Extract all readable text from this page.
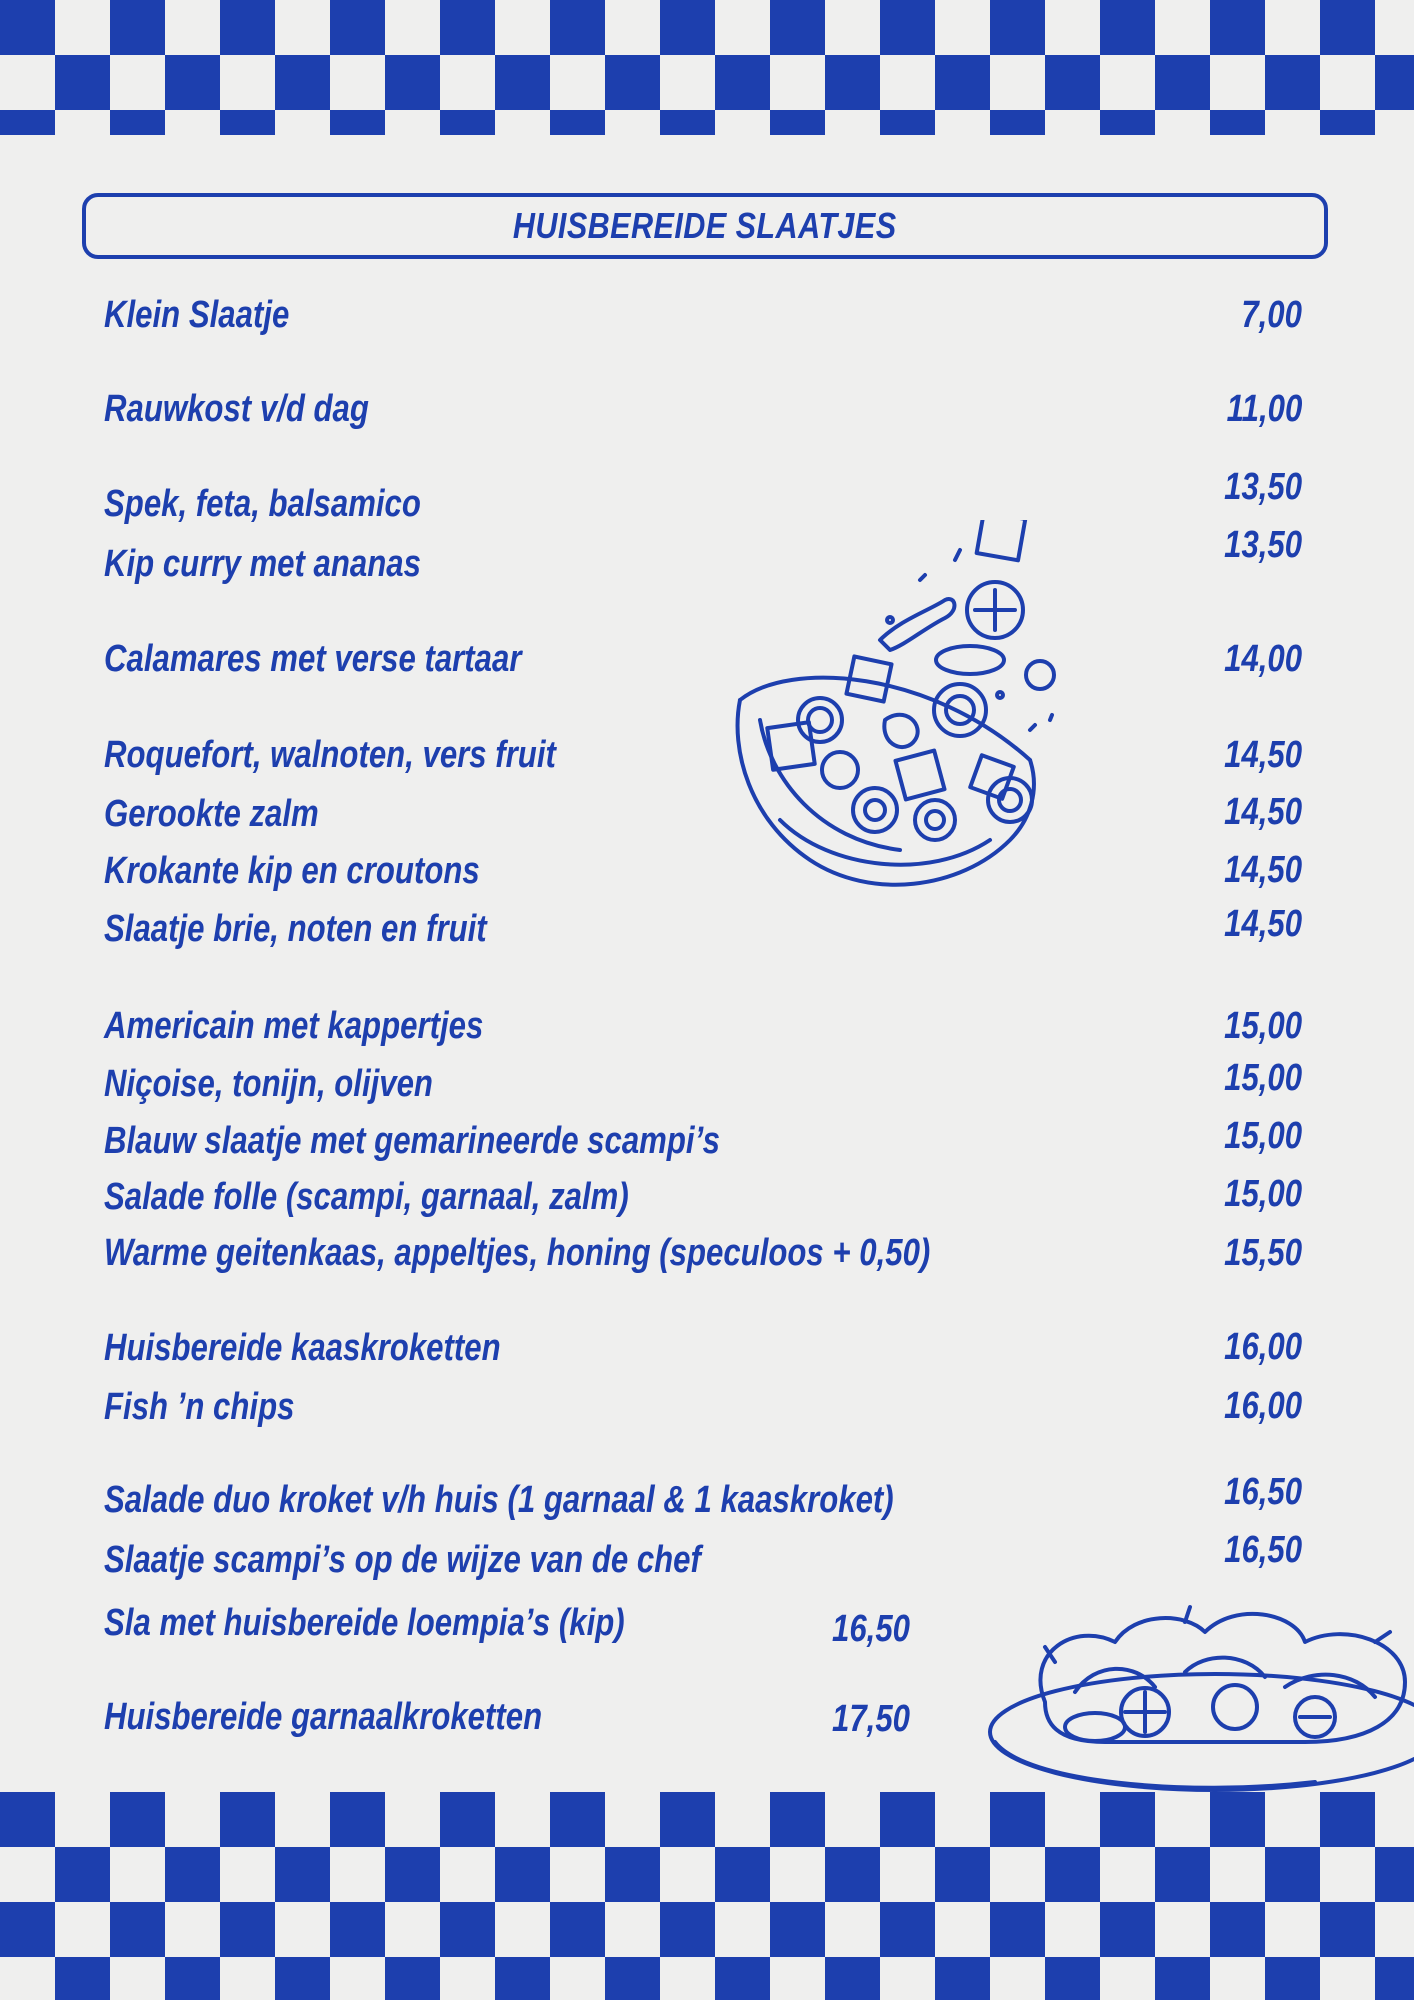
HUISBEREIDE SLAATJES
Klein Slaatje	7,00
Rauwkost v/d dag	11,00
Spek, feta, balsamico	13,50
Kip curry met ananas	13,50
Calamares met verse tartaar	14,00
Roquefort, walnoten, vers fruit	14,50
Gerookte zalm	14,50
Krokante kip en croutons	14,50
Slaatje brie, noten en fruit	14,50
Americain met kappertjes	15,00
Niçoise, tonijn, olijven	15,00
Blauw slaatje met gemarineerde scampi’s	15,00
Salade folle (scampi, garnaal, zalm)	15,00
Warme geitenkaas, appeltjes, honing (speculoos + 0,50)	15,50
Huisbereide kaaskroketten	16,00
Fish ’n chips	16,00
Salade duo kroket v/h huis (1 garnaal & 1 kaaskroket)	16,50
Slaatje scampi’s op de wijze van de chef	16,50
Sla met huisbereide loempia’s (kip)	16,50
Huisbereide garnaalkroketten	17,50
